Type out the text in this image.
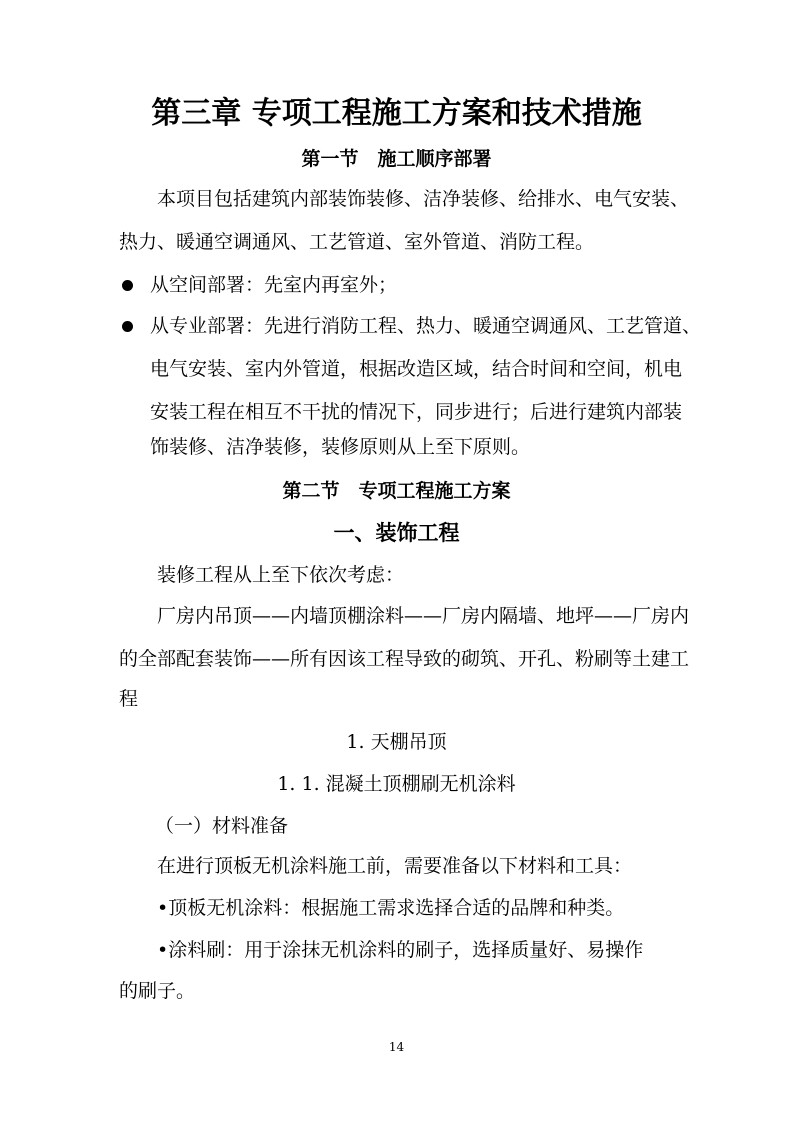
第三章 专项工程施工方案和技术措施
第一节　施工顺序部署
本项目包括建筑内部装饰装修、洁净装修、给排水、电气安装、
热力、暖通空调通风、工艺管道、室外管道、消防工程。
从空间部署：先室内再室外；
从专业部署：先进行消防工程、热力、暖通空调通风、工艺管道、
电气安装、室内外管道，根据改造区域，结合时间和空间，机电
安装工程在相互不干扰的情况下，同步进行；后进行建筑内部装
饰装修、洁净装修，装修原则从上至下原则。
第二节　专项工程施工方案
一、装饰工程
装修工程从上至下依次考虑：
厂房内吊顶——内墙顶棚涂料——厂房内隔墙、地坪——厂房内
的全部配套装饰——所有因该工程导致的砌筑、开孔、粉刷等土建工
程
1. 天棚吊顶
1. 1. 混凝土顶棚刷无机涂料
（一）材料准备
在进行顶板无机涂料施工前，需要准备以下材料和工具：
•顶板无机涂料：根据施工需求选择合适的品牌和种类。
•涂料刷：用于涂抹无机涂料的刷子，选择质量好、易操作
的刷子。
14
